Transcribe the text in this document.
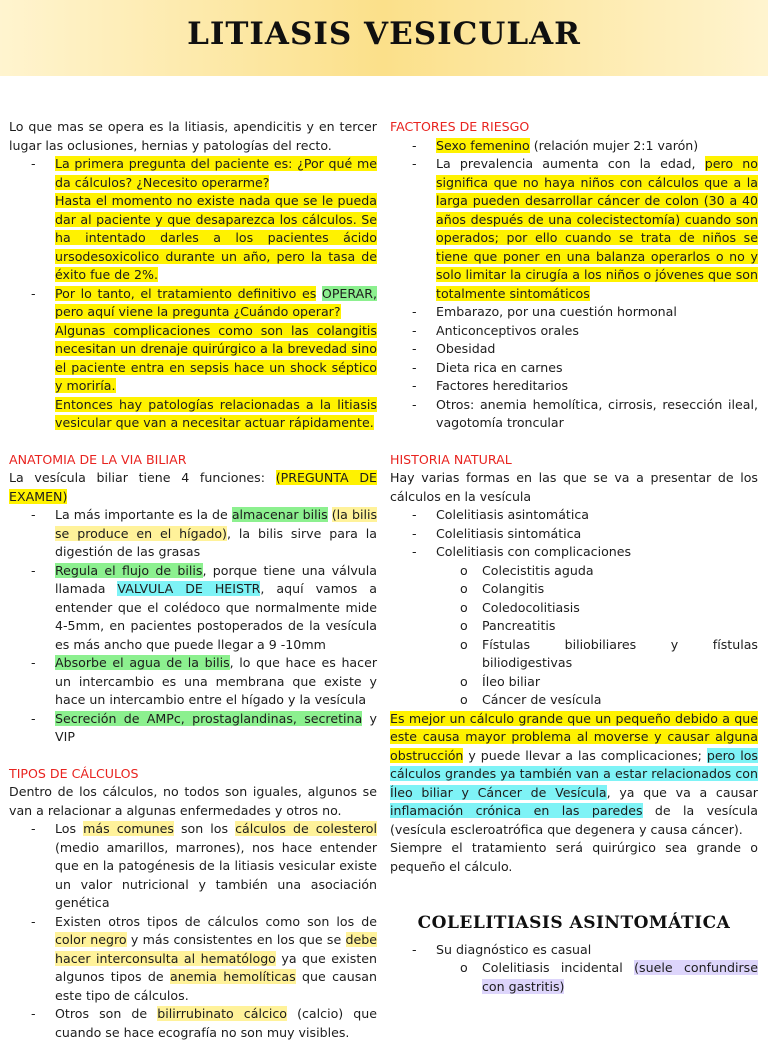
LITIASIS VESICULAR

Lo que mas se opera es la litiasis, apendicitis y en tercer lugar las oclusiones, hernias y patologías del recto.

- La primera pregunta del paciente es: ¿Por qué me da cálculos? ¿Necesito operarme?
Hasta el momento no existe nada que se le pueda dar al paciente y que desaparezca los cálculos. Se ha intentado darles a los pacientes ácido ursodesoxicolico durante un año, pero la tasa de éxito fue de 2%.
- Por lo tanto, el tratamiento definitivo es OPERAR, pero aquí viene la pregunta ¿Cuándo operar?
Algunas complicaciones como son las colangitis necesitan un drenaje quirúrgico a la brevedad sino el paciente entra en sepsis hace un shock séptico y moriría.
Entonces hay patologías relacionadas a la litiasis vesicular que van a necesitar actuar rápidamente.

ANATOMIA DE LA VIA BILIAR

La vesícula biliar tiene 4 funciones: (PREGUNTA DE EXAMEN)

- La más importante es la de almacenar bilis (la bilis se produce en el hígado), la bilis sirve para la digestión de las grasas
- Regula el flujo de bilis, porque tiene una válvula llamada VALVULA DE HEISTR, aquí vamos a entender que el colédoco que normalmente mide 4-5mm, en pacientes postoperados de la vesícula es más ancho que puede llegar a 9 -10mm
- Absorbe el agua de la bilis, lo que hace es hacer un intercambio es una membrana que existe y hace un intercambio entre el hígado y la vesícula
- Secreción de AMPc, prostaglandinas, secretina y VIP

TIPOS DE CÁLCULOS

Dentro de los cálculos, no todos son iguales, algunos se van a relacionar a algunas enfermedades y otros no.

- Los más comunes son los cálculos de colesterol (medio amarillos, marrones), nos hace entender que en la patogénesis de la litiasis vesicular existe un valor nutricional y también una asociación genética
- Existen otros tipos de cálculos como son los de color negro y más consistentes en los que se debe hacer interconsulta al hematólogo ya que existen algunos tipos de anemia hemolíticas que causan este tipo de cálculos.
- Otros son de bilirrubinato cálcico (calcio) que cuando se hace ecografía no son muy visibles.

FACTORES DE RIESGO

- Sexo femenino (relación mujer 2:1 varón)
- La prevalencia aumenta con la edad, pero no significa que no haya niños con cálculos que a la larga pueden desarrollar cáncer de colon (30 a 40 años después de una colecistectomía) cuando son operados; por ello cuando se trata de niños se tiene que poner en una balanza operarlos o no y solo limitar la cirugía a los niños o jóvenes que son totalmente sintomáticos
- Embarazo, por una cuestión hormonal
- Anticonceptivos orales
- Obesidad
- Dieta rica en carnes
- Factores hereditarios
- Otros: anemia hemolítica, cirrosis, resección ileal, vagotomía troncular

HISTORIA NATURAL

Hay varias formas en las que se va a presentar de los cálculos en la vesícula

- Colelitiasis asintomática
- Colelitiasis sintomática
- Colelitiasis con complicaciones
o Colecistitis aguda
o Colangitis
o Coledocolitiasis
o Pancreatitis
o Fístulas biliobiliares y fístulas biliodigestivas
o Íleo biliar
o Cáncer de vesícula

Es mejor un cálculo grande que un pequeño debido a que este causa mayor problema al moverse y causar alguna obstrucción y puede llevar a las complicaciones; pero los cálculos grandes ya también van a estar relacionados con Íleo biliar y Cáncer de Vesícula, ya que va a causar inflamación crónica en las paredes de la vesícula (vesícula escleroatrófica que degenera y causa cáncer).

Siempre el tratamiento será quirúrgico sea grande o pequeño el cálculo.

COLELITIASIS ASINTOMÁTICA

- Su diagnóstico es casual
o Colelitiasis incidental (suele confundirse con gastritis)
